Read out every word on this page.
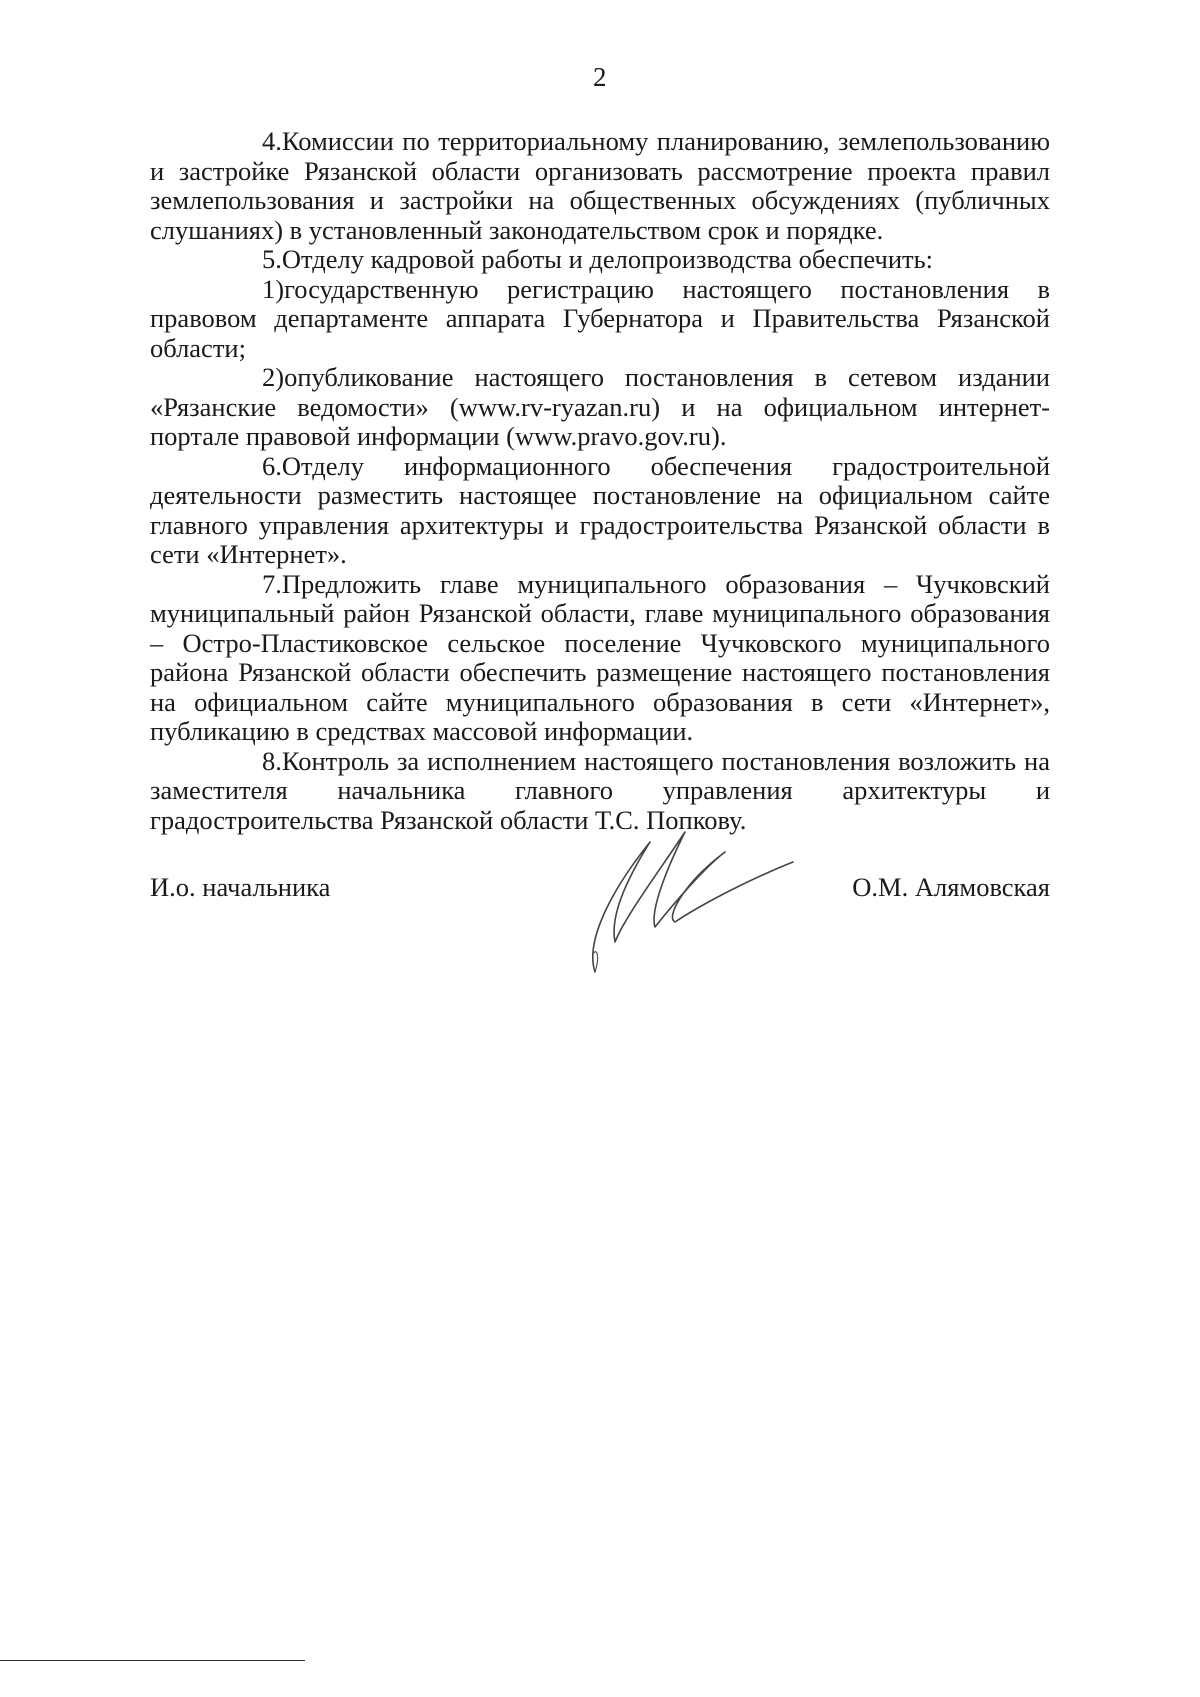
2

4.Комиссии по территориальному планированию, землепользованию и застройке Рязанской области организовать рассмотрение проекта правил землепользования и застройки на общественных обсуждениях (публичных слушаниях) в установленный законодательством срок и порядке.

5.Отделу кадровой работы и делопроизводства обеспечить:

1)государственную регистрацию настоящего постановления в правовом департаменте аппарата Губернатора и Правительства Рязанской области;

2)опубликование настоящего постановления в сетевом издании «Рязанские ведомости» (www.rv-ryazan.ru) и на официальном интернет-портале правовой информации (www.pravo.gov.ru).

6.Отделу информационного обеспечения градостроительной деятельности разместить настоящее постановление на официальном сайте главного управления архитектуры и градостроительства Рязанской области в сети «Интернет».

7.Предложить главе муниципального образования – Чучковский муниципальный район Рязанской области, главе муниципального образования – Остро-Пластиковское сельское поселение Чучковского муниципального района Рязанской области обеспечить размещение настоящего постановления на официальном сайте муниципального образования в сети «Интернет», публикацию в средствах массовой информации.

8.Контроль за исполнением настоящего постановления возложить на заместителя начальника главного управления архитектуры и градостроительства Рязанской области Т.С. Попкову.

И.о. начальника	О.М. Алямовская
